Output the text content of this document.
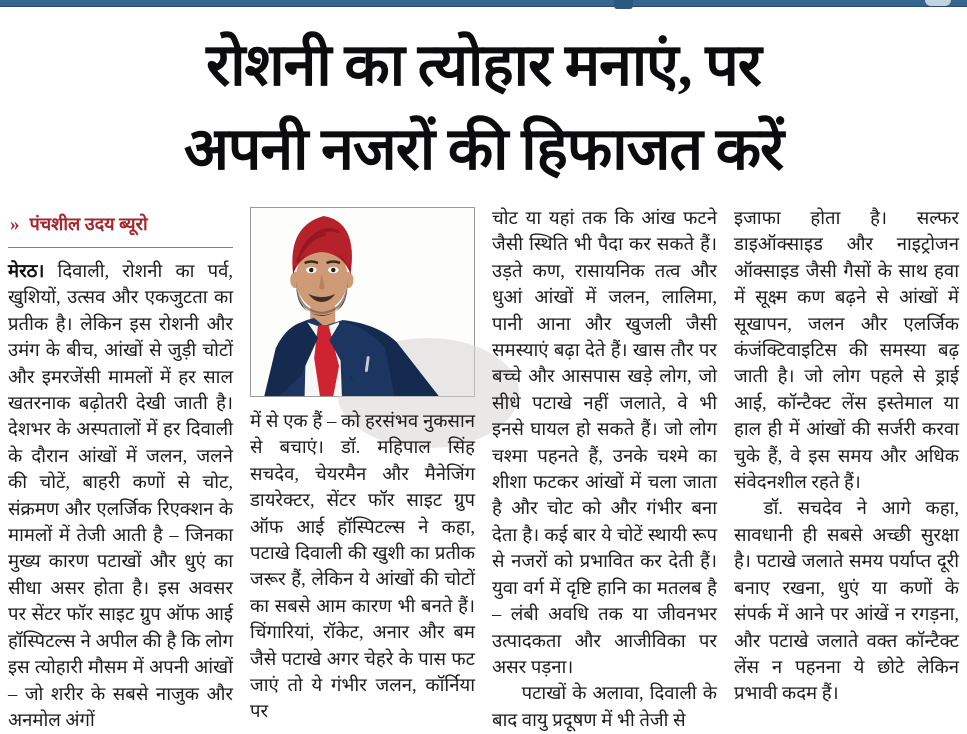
रोशनी का त्योहार मनाएं, पर
अपनी नजरों की हिफाजत करें
» पंचशील उदय ब्यूरो

मेरठ। दिवाली, रोशनी का पर्व, खुशियों, उत्सव और एकजुटता का प्रतीक है। लेकिन इस रोशनी और उमंग के बीच, आंखों से जुड़ी चोटों और इमरजेंसी मामलों में हर साल खतरनाक बढ़ोतरी देखी जाती है। देशभर के अस्पतालों में हर दिवाली के दौरान आंखों में जलन, जलने की चोटें, बाहरी कणों से चोट, संक्रमण और एलर्जिक रिएक्शन के मामलों में तेजी आती है – जिनका मुख्य कारण पटाखों और धुएं का सीधा असर होता है। इस अवसर पर सेंटर फॉर साइट ग्रुप ऑफ आई हॉस्पिटल्स ने अपील की है कि लोग इस त्योहारी मौसम में अपनी आंखों – जो शरीर के सबसे नाजुक और अनमोल अंगों

में से एक हैं – को हरसंभव नुकसान से बचाएं। डॉ. महिपाल सिंह सचदेव, चेयरमैन और मैनेजिंग डायरेक्टर, सेंटर फॉर साइट ग्रुप ऑफ आई हॉस्पिटल्स ने कहा, पटाखे दिवाली की खुशी का प्रतीक जरूर हैं, लेकिन ये आंखों की चोटों का सबसे आम कारण भी बनते हैं। चिंगारियां, रॉकेट, अनार और बम जैसे पटाखे अगर चेहरे के पास फट जाएं तो ये गंभीर जलन, कॉर्निया पर

चोट या यहां तक कि आंख फटने जैसी स्थिति भी पैदा कर सकते हैं। उड़ते कण, रासायनिक तत्व और धुआं आंखों में जलन, लालिमा, पानी आना और खुजली जैसी समस्याएं बढ़ा देते हैं। खास तौर पर बच्चे और आसपास खड़े लोग, जो सीधे पटाखे नहीं जलाते, वे भी इनसे घायल हो सकते हैं। जो लोग चश्मा पहनते हैं, उनके चश्मे का शीशा फटकर आंखों में चला जाता है और चोट को और गंभीर बना देता है। कई बार ये चोटें स्थायी रूप से नजरों को प्रभावित कर देती हैं। युवा वर्ग में दृष्टि हानि का मतलब है – लंबी अवधि तक या जीवनभर उत्पादकता और आजीविका पर असर पड़ना।

पटाखों के अलावा, दिवाली के बाद वायु प्रदूषण में भी तेजी से

इजाफा होता है। सल्फर डाइऑक्साइड और नाइट्रोजन ऑक्साइड जैसी गैसों के साथ हवा में सूक्ष्म कण बढ़ने से आंखों में सूखापन, जलन और एलर्जिक कंजंक्टिवाइटिस की समस्या बढ़ जाती है। जो लोग पहले से ड्राई आई, कॉन्टैक्ट लेंस इस्तेमाल या हाल ही में आंखों की सर्जरी करवा चुके हैं, वे इस समय और अधिक संवेदनशील रहते हैं।

डॉ. सचदेव ने आगे कहा, सावधानी ही सबसे अच्छी सुरक्षा है। पटाखे जलाते समय पर्याप्त दूरी बनाए रखना, धुएं या कणों के संपर्क में आने पर आंखें न रगड़ना, और पटाखे जलाते वक्त कॉन्टैक्ट लेंस न पहनना ये छोटे लेकिन प्रभावी कदम हैं।
